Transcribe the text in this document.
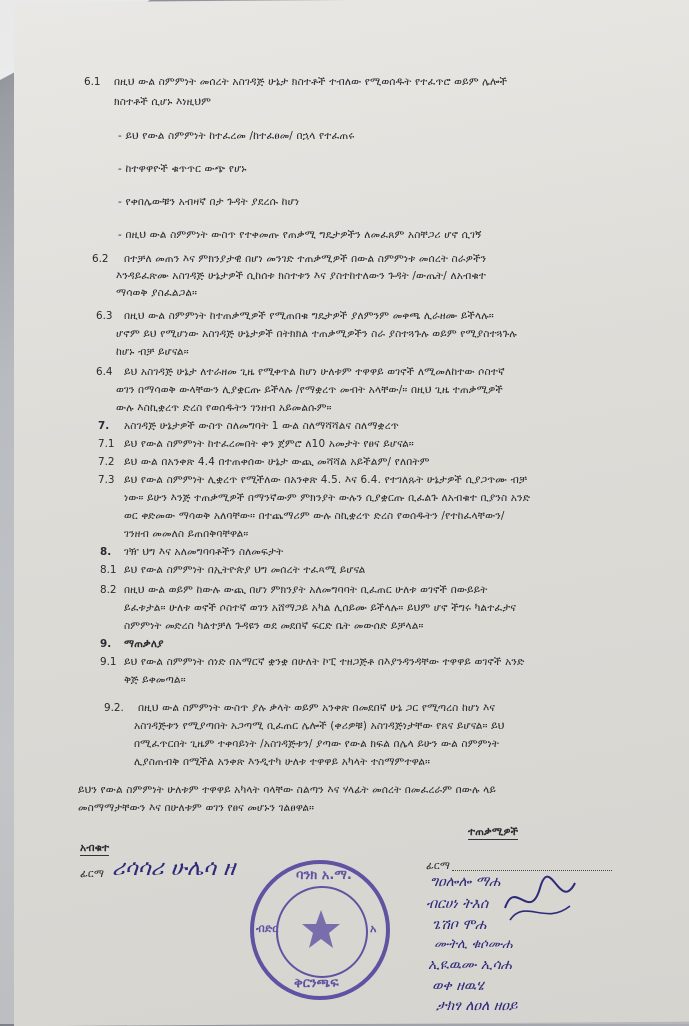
6.1 በዚህ ውል ስምምነት መሰረት አስገዳጅ ሁኔታ ክስተቶች ተብለው የሚወሰዱት የተፈጥሮ ወይም ሌሎች
ክስተቶች ሲሆኑ እነዚህም
- ይህ የውል ስምምነት ከተፈረመ /ከተፈፀመ/ በኋላ የተፈጠሩ
- ከተዋዋዮች ቁጥጥር ውጭ የሆኑ
- የቀበሌውቹን አብዛኛ በታ ጉዳት ያደረሱ ከሆነ
- በዚህ ውል ስምምነት ውስጥ የተቀመጡ የጠቃሚ ግዴታዎችን ለመፈጸም አስቸጋሪ ሆኖ ሲገኝ
6.2 በተቻለ መጠን እና ምክንያታዊ በሆነ መንገድ ተጠቃሚዎች በውል ስምምነቱ መሰረት ስራዎችን
እንዳይፈጽሙ አስገዳጅ ሁኔታዎች ሲከሰቱ ክስተቱን እና ያስተከተለውን ጉዳት /ውጤት/ ለአብቁተ
ማሳወቅ ያስፈልጋል።
6.3 በዚህ ውል ስምምነት ከተጠቃሚዎች የሚጠበቁ ግዴታዎች ያለምንም መቀጫ ሊራዘሙ ይችላሉ።
ሆኖም ይህ የሚሆነው አስገዳጅ ሁኔታዎች በትክክል ተጠቃሚዎችን ስራ ያስተጓጉሉ ወይም የሚያስተጓጉሉ
ከሆኑ ብቻ ይሆናል።
6.4 ይህ አስገዳጅ ሁኔታ ለተራዘመ ጊዜ የሚቀጥል ከሆነ ሁለቱም ተዋዋይ ወገኖች ለሚመለከተው ሶስተኛ
ወገን በማሳወቅ ውላቸውን ሊያቋርጡ ይችላሉ /የማቋረጥ መብት አላቸው/። በዚህ ጊዜ ተጠቃሚዎች
ውሉ እስኪቋረጥ ድረስ የወሰዱትን ገንዘብ አይመልሱም።
7. አስገዳጅ ሁኔታዎች ውስጥ ስለመግባት 1 ውል ስለማሻሻልና ስለማቋረጥ
7.1 ይህ የውል ስምምነት ከተፈረመበት ቀን ጀምሮ ለ10 አመታት የፀና ይሆናል።
7.2 ይህ ውል በአንቀጽ 4.4 በተጠቀሰው ሁኔታ ውጪ መሻሻል አይችልም/ የለበትም
7.3 ይህ የውል ስምምነት ሊቋረጥ የሚችለው በአንቀጽ 4.5. እና 6.4. የተገለጹት ሁኔታዎች ሲያጋጥሙ ብቻ
ነው። ይሁን እንጅ ተጠቃሚዎች በማንኛውም ምክንያት ውሉን ሲያቋርጡ ቢፈልጉ ለአብቁተ ቢያንስ አንድ
ወር ቀድመው ማሳወቅ አለባቸው። በተጨማሪም ውሉ ስኪቋረጥ ድረስ የወሰዱትን /የተከፈላቸውን/
ገንዘብ መመለስ ይጠበቅባቸዋል።
8. ገዥ ህግ እና አለመግባባቶችን ስለመፍታት
8.1 ይህ የውል ስምምነት በኢትዮጵያ ህግ መሰረት ተፈጻሚ ይሆናል
8.2 በዚህ ውል ወይም ከውሉ ውጪ በሆነ ምክንያት አለመግባባት ቢፈጠር ሁለቱ ወገኖች በውይይት
ይፈቱታል። ሁለቱ ወኖች ሶስተኛ ወገን አሸማጋይ አካል ሊሰይሙ ይችላሉ። ይህም ሆኖ ችግሩ ካልተፈታና
ስምምነት መድረስ ካልተቻለ ጉዳዩን ወደ መደበኛ ፍርድ ቤት መውሰድ ይቻላል።
9. ማጠቃለያ
9.1 ይህ የውል ስምምነት ሰነድ በአማርኛ ቋንቋ በሁለት ኮፒ ተዘጋጅቶ በእያንዳንዳቸው ተዋዋይ ወገኖች አንድ
ቅጅ ይቀመጣል።
9.2. በዚህ ውል ስምምነት ውስጥ ያሉ ቃላት ወይም አንቀጽ በመደበኛ ሁኔ ጋር የሚጣረስ ከሆነ እና
አስገዳጅቱን የሚያጣበት አጋጣሚ ቢፈጠር ሌሎች (ቀሪዎቹ) አስገዳጅነታቸው የጸና ይሆናል። ይህ
በሚፈጥርበት ጊዜም ተቀባይነት /አስገዳጅቱን/ ያጣው የውል ክፍል በሌላ ይሁን ውል ስምምነት
ሊያስጠብቅ በሚችል አንቀጽ እንዲተካ ሁለቱ ተዋዋይ አካላት ተስማምተዋል።
ይህን የውል ስምምነት ሁለቱም ተዋዋይ አካላት ባላቸው ስልጣን እና ሃላፊት መሰረት በመፈረራም በውሉ ላይ
መስማማታቸውን እና በሁለቱም ወገን የፀና መሆኑን ገልፀዋል።
አብቁተ
ፊርማ ሪሳሳሪ ሁሌሳ ዘ	ባንክ አ.ማ.
ብድር	አ
ቅርንጫፍ
ተጠቃሚዎች
ፊርማ
ግዐሎሎ ማሐ
ብርሀነ ትእሰ
ጌሽቦ ሞሐ
ሙትሊ ቁሶሙሐ
ኢዪዉሙ ኢሳሐ
ወቀ ዘዉሄ
ታክፃ ለዐለ ዘዐይ
